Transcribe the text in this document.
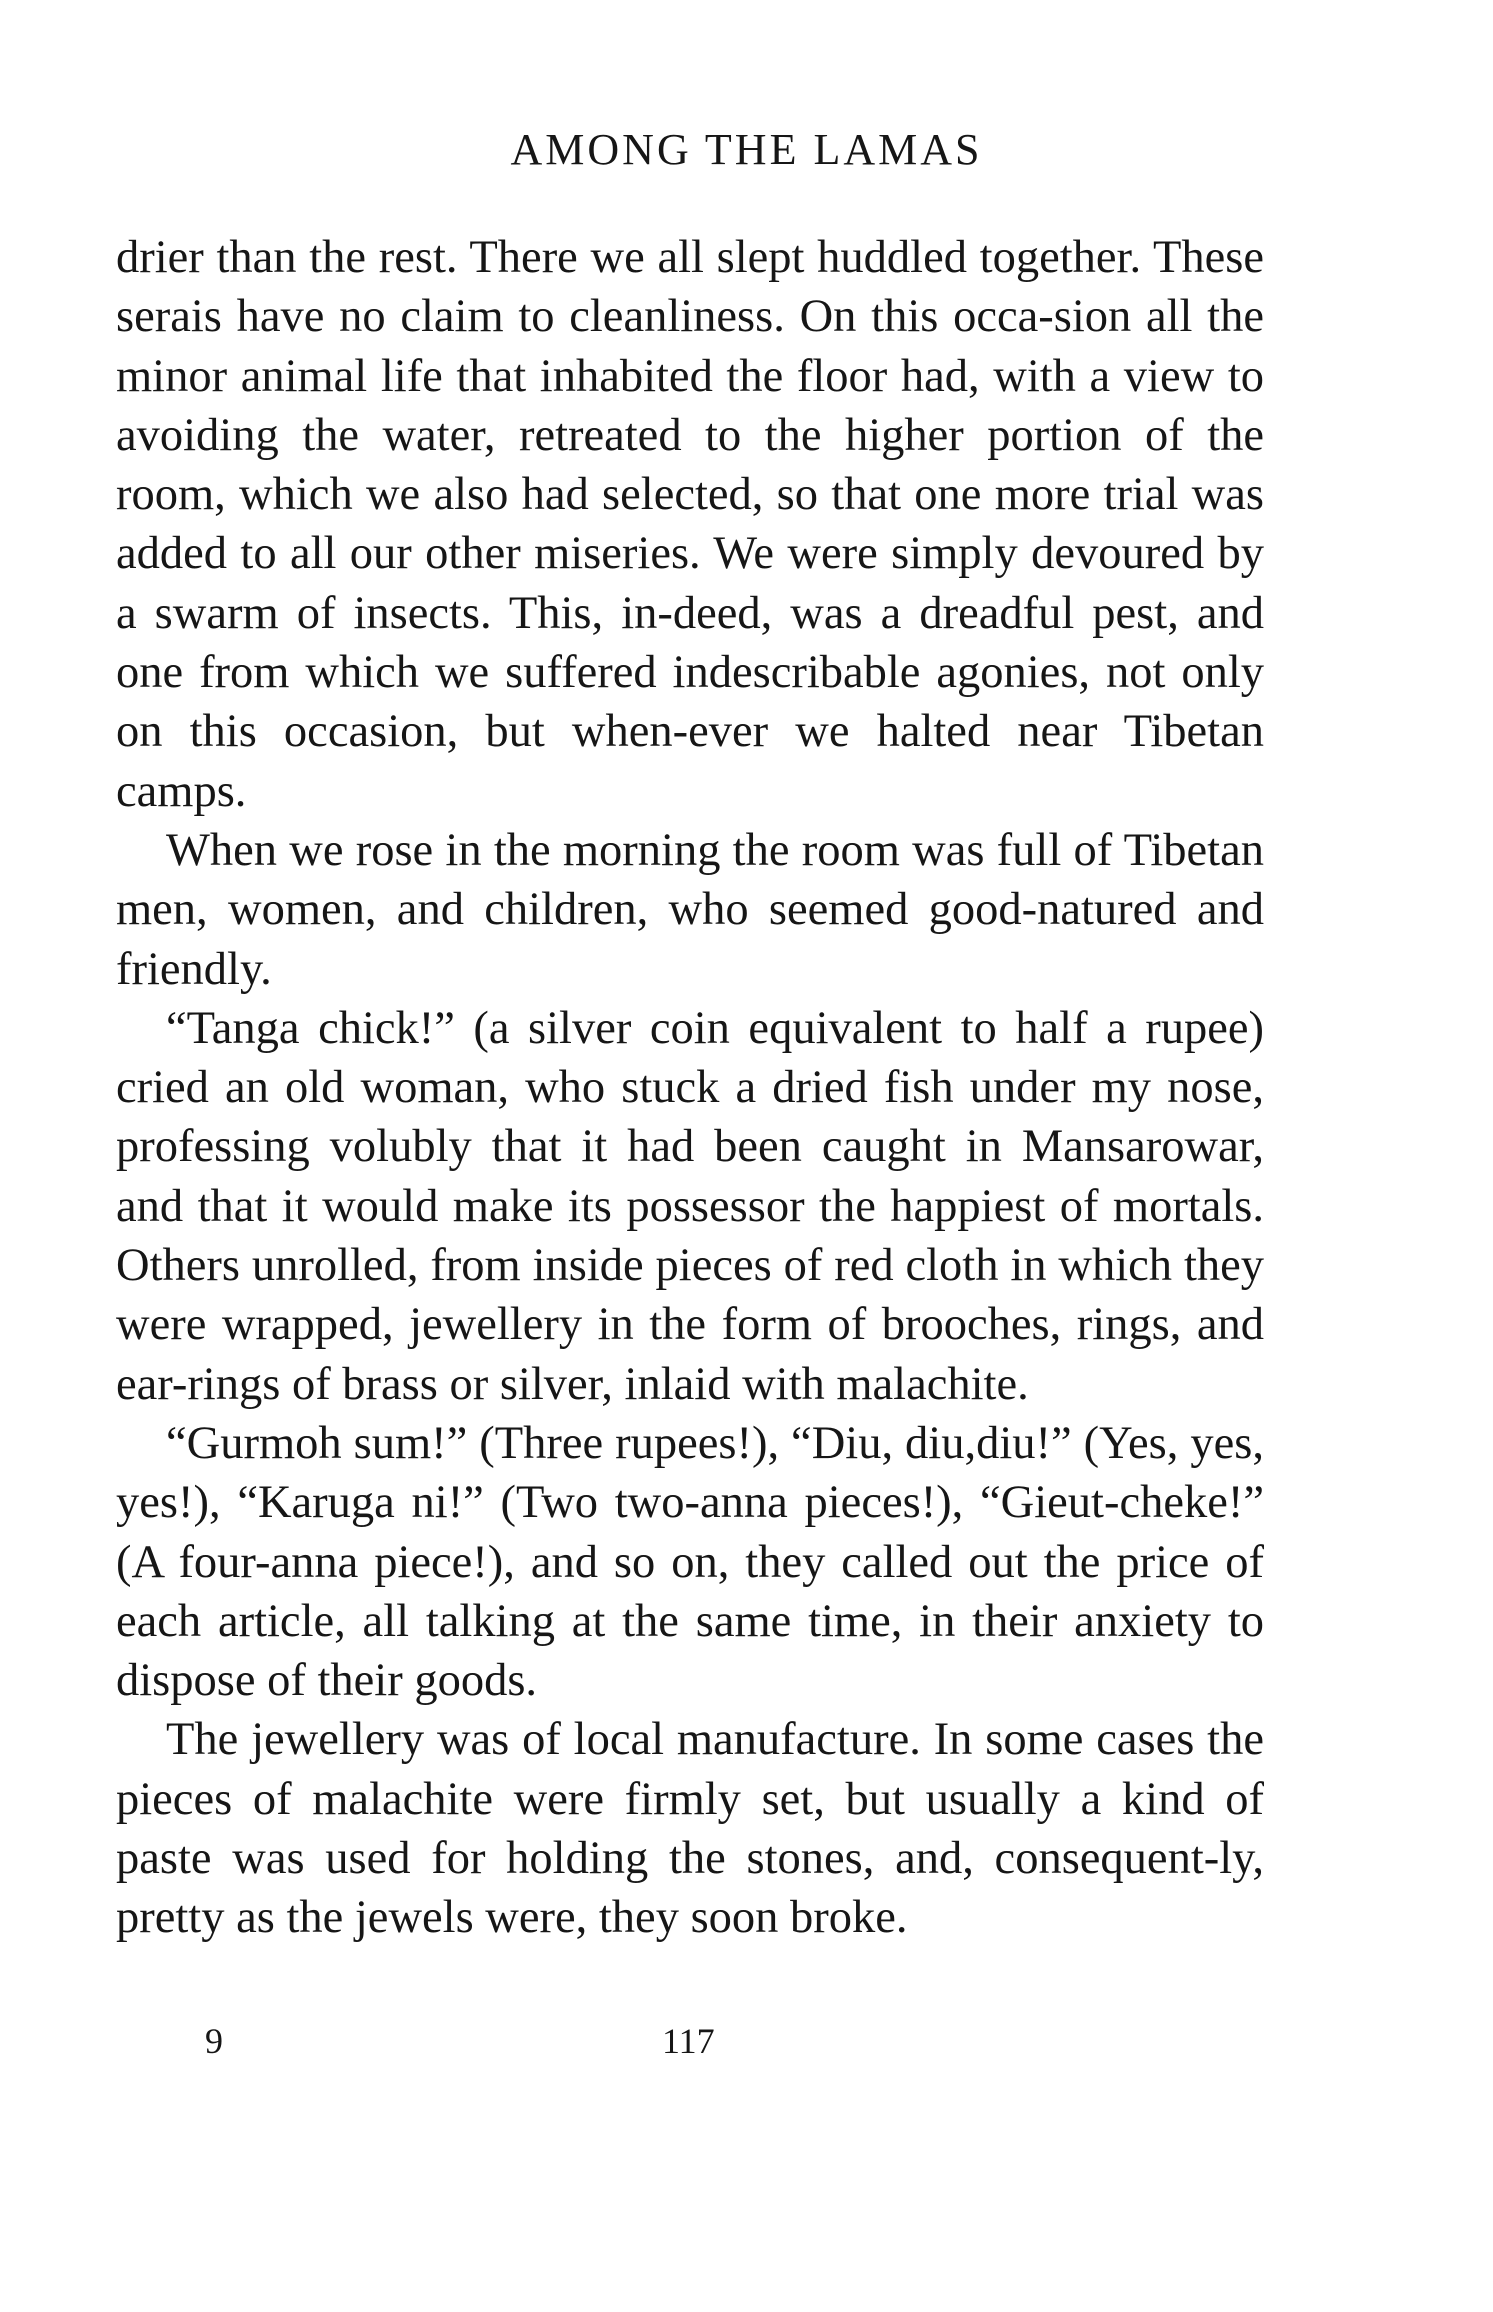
AMONG THE LAMAS

drier than the rest. There we all slept huddled together. These serais have no claim to cleanliness. On this occa-sion all the minor animal life that inhabited the floor had, with a view to avoiding the water, retreated to the higher portion of the room, which we also had selected, so that one more trial was added to all our other miseries. We were simply devoured by a swarm of insects. This, in-deed, was a dreadful pest, and one from which we suffered indescribable agonies, not only on this occasion, but when-ever we halted near Tibetan camps.

When we rose in the morning the room was full of Tibetan men, women, and children, who seemed good-natured and friendly.

“Tanga chick!” (a silver coin equivalent to half a rupee) cried an old woman, who stuck a dried fish under my nose, professing volubly that it had been caught in Mansarowar, and that it would make its possessor the happiest of mortals. Others unrolled, from inside pieces of red cloth in which they were wrapped, jewellery in the form of brooches, rings, and ear-rings of brass or silver, inlaid with malachite.

“Gurmoh sum!” (Three rupees!), “Diu, diu,diu!” (Yes, yes, yes!), “Karuga ni!” (Two two-anna pieces!), “Gieut-cheke!” (A four-anna piece!), and so on, they called out the price of each article, all talking at the same time, in their anxiety to dispose of their goods.

The jewellery was of local manufacture. In some cases the pieces of malachite were firmly set, but usually a kind of paste was used for holding the stones, and, consequent-ly, pretty as the jewels were, they soon broke.

9	117
